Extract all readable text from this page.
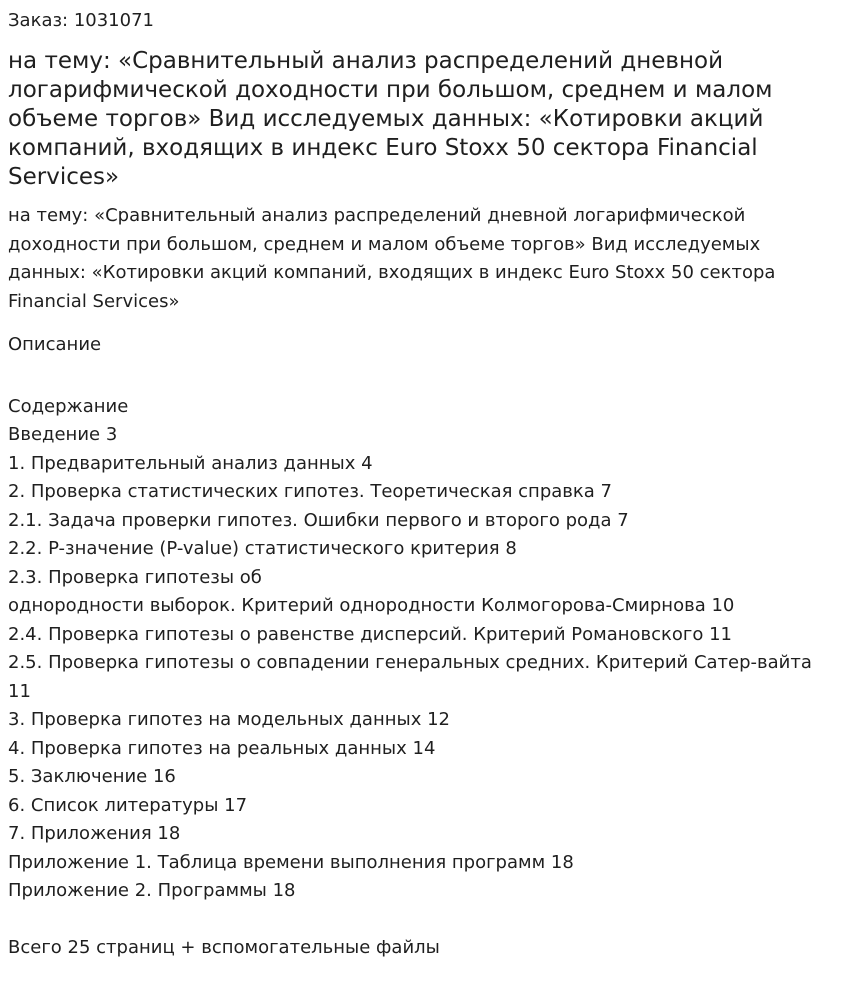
Заказ: 1031071
на тему: «Сравнительный анализ распределений дневной логарифмической доходности при большом, среднем и малом объеме торгов» Вид исследуемых данных: «Котировки акций компаний, входящих в индекс Euro Stoxx 50 сектора Financial Services»
на тему: «Сравнительный анализ распределений дневной логарифмической доходности при большом, среднем и малом объеме торгов» Вид исследуемых данных: «Котировки акций компаний, входящих в индекс Euro Stoxx 50 сектора Financial Services»
Описание
Содержание
Введение 3
1. Предварительный анализ данных 4
2. Проверка статистических гипотез. Теоретическая справка 7
2.1. Задача проверки гипотез. Ошибки первого и второго рода 7
2.2. P-значение (P-value) статистического критерия 8
2.3. Проверка гипотезы об
однородности выборок. Критерий однородности Колмогорова-Смирнова 10
2.4. Проверка гипотезы о равенстве дисперсий. Критерий Романовского 11
2.5. Проверка гипотезы о совпадении генеральных средних. Критерий Сатер-вайта 11
3. Проверка гипотез на модельных данных 12
4. Проверка гипотез на реальных данных 14
5. Заключение 16
6. Список литературы 17
7. Приложения 18
Приложение 1. Таблица времени выполнения программ 18
Приложение 2. Программы 18
Всего 25 страниц + вспомогательные файлы
